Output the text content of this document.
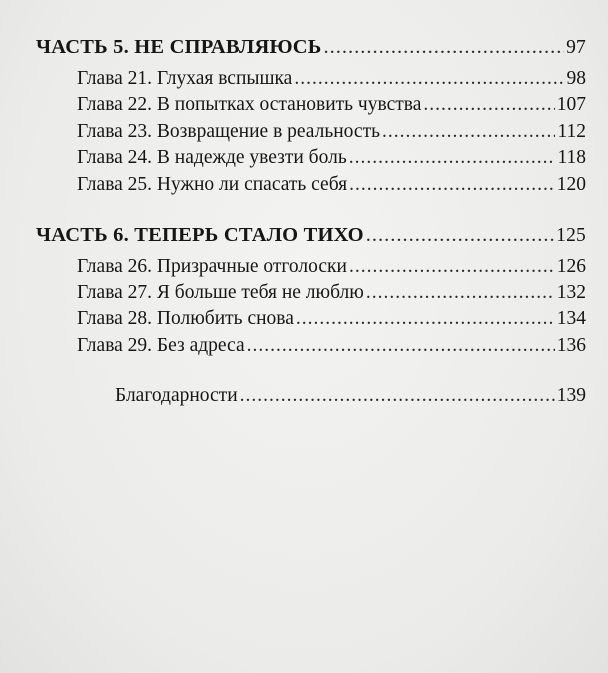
ЧАСТЬ 5. НЕ СПРАВЛЯЮСЬ .....	97
Глава 21. Глухая вспышка .....	98
Глава 22. В попытках остановить чувства .....	107
Глава 23. Возвращение в реальность .....	112
Глава 24. В надежде увезти боль .....	118
Глава 25. Нужно ли спасать себя .....	120
ЧАСТЬ 6. ТЕПЕРЬ СТАЛО ТИХО .....	125
Глава 26. Призрачные отголоски .....	126
Глава 27. Я больше тебя не люблю .....	132
Глава 28. Полюбить снова .....	134
Глава 29. Без адреса .....	136
Благодарности .....	139
